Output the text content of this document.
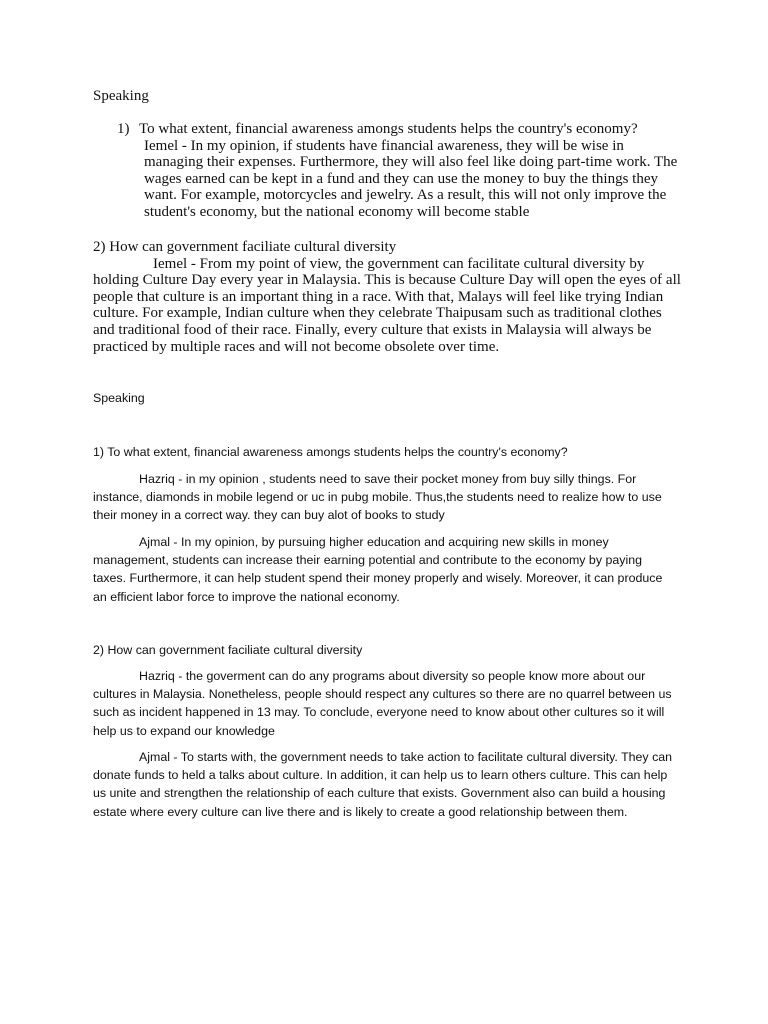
Speaking

1) To what extent, financial awareness amongs students helps the country's economy?
Iemel - In my opinion, if students have financial awareness, they will be wise in managing their expenses. Furthermore, they will also feel like doing part-time work. The wages earned can be kept in a fund and they can use the money to buy the things they want. For example, motorcycles and jewelry. As a result, this will not only improve the student's economy, but the national economy will become stable

2) How can government faciliate cultural diversity
Iemel - From my point of view, the government can facilitate cultural diversity by holding Culture Day every year in Malaysia. This is because Culture Day will open the eyes of all people that culture is an important thing in a race. With that, Malays will feel like trying Indian culture. For example, Indian culture when they celebrate Thaipusam such as traditional clothes and traditional food of their race. Finally, every culture that exists in Malaysia will always be practiced by multiple races and will not become obsolete over time.

Speaking

1) To what extent, financial awareness amongs students helps the country's economy?

Hazriq - in my opinion , students need to save their pocket money from buy silly things. For instance, diamonds in mobile legend or uc in pubg mobile. Thus,the students need to realize how to use their money in a correct way. they can buy alot of books to study

Ajmal - In my opinion, by pursuing higher education and acquiring new skills in money management, students can increase their earning potential and contribute to the economy by paying taxes. Furthermore, it can help student spend their money properly and wisely. Moreover, it can produce an efficient labor force to improve the national economy.

2) How can government faciliate cultural diversity

Hazriq - the goverment can do any programs about diversity so people know more about our cultures in Malaysia. Nonetheless, people should respect any cultures so there are no quarrel between us such as incident happened in 13 may. To conclude, everyone need to know about other cultures so it will help us to expand our knowledge

Ajmal - To starts with, the government needs to take action to facilitate cultural diversity. They can donate funds to held a talks about culture. In addition, it can help us to learn others culture. This can help us unite and strengthen the relationship of each culture that exists. Government also can build a housing estate where every culture can live there and is likely to create a good relationship between them.
